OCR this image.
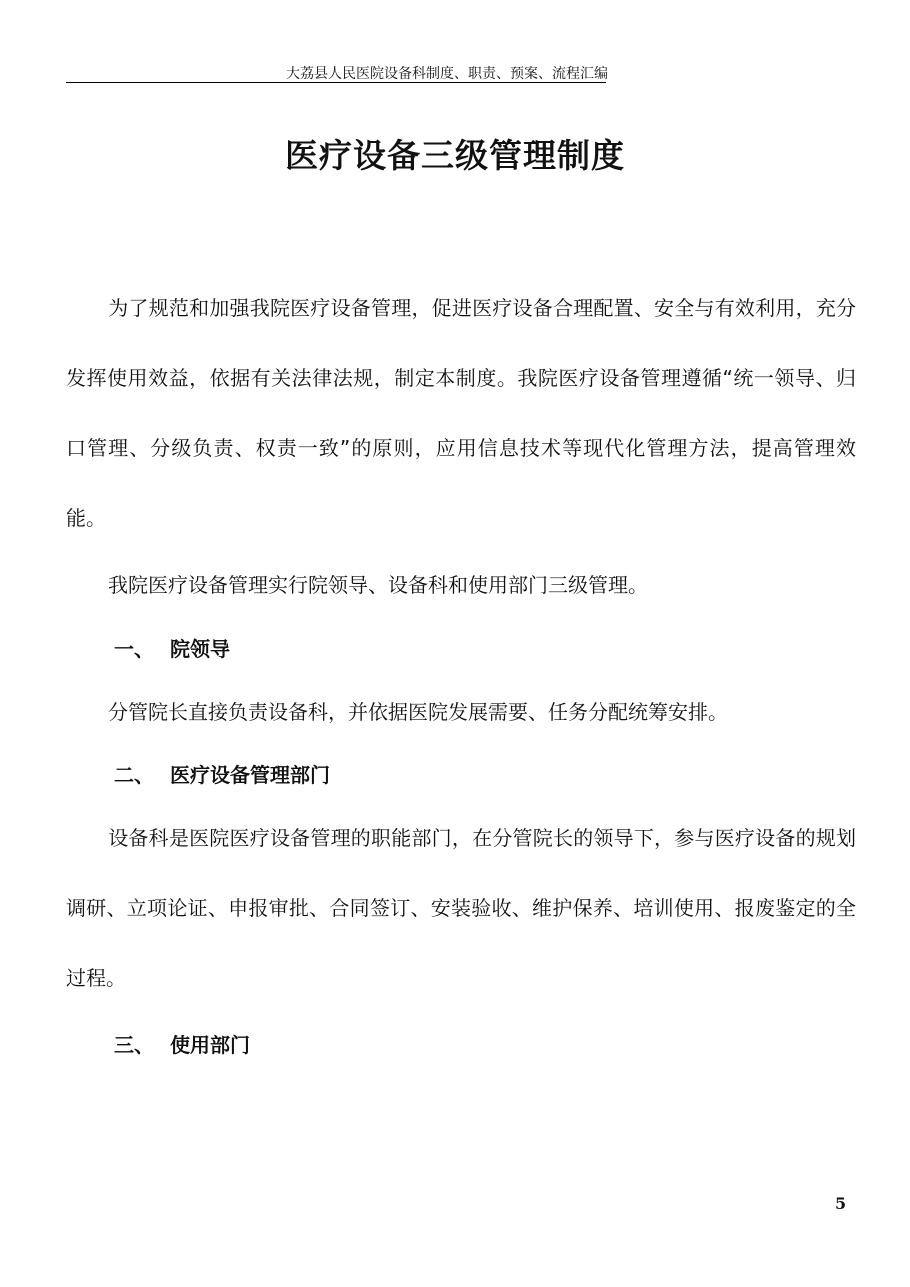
大荔县人民医院设备科制度、职责、预案、流程汇编
医疗设备三级管理制度

为了规范和加强我院医疗设备管理，促进医疗设备合理配置、安全与有效利用，充分发挥使用效益，依据有关法律法规，制定本制度。我院医疗设备管理遵循“统一领导、归口管理、分级负责、权责一致”的原则，应用信息技术等现代化管理方法，提高管理效能。

我院医疗设备管理实行院领导、设备科和使用部门三级管理。

一、 院领导

分管院长直接负责设备科，并依据医院发展需要、任务分配统筹安排。

二、 医疗设备管理部门

设备科是医院医疗设备管理的职能部门，在分管院长的领导下，参与医疗设备的规划调研、立项论证、申报审批、合同签订、安装验收、维护保养、培训使用、报废鉴定的全过程。

三、 使用部门
5
